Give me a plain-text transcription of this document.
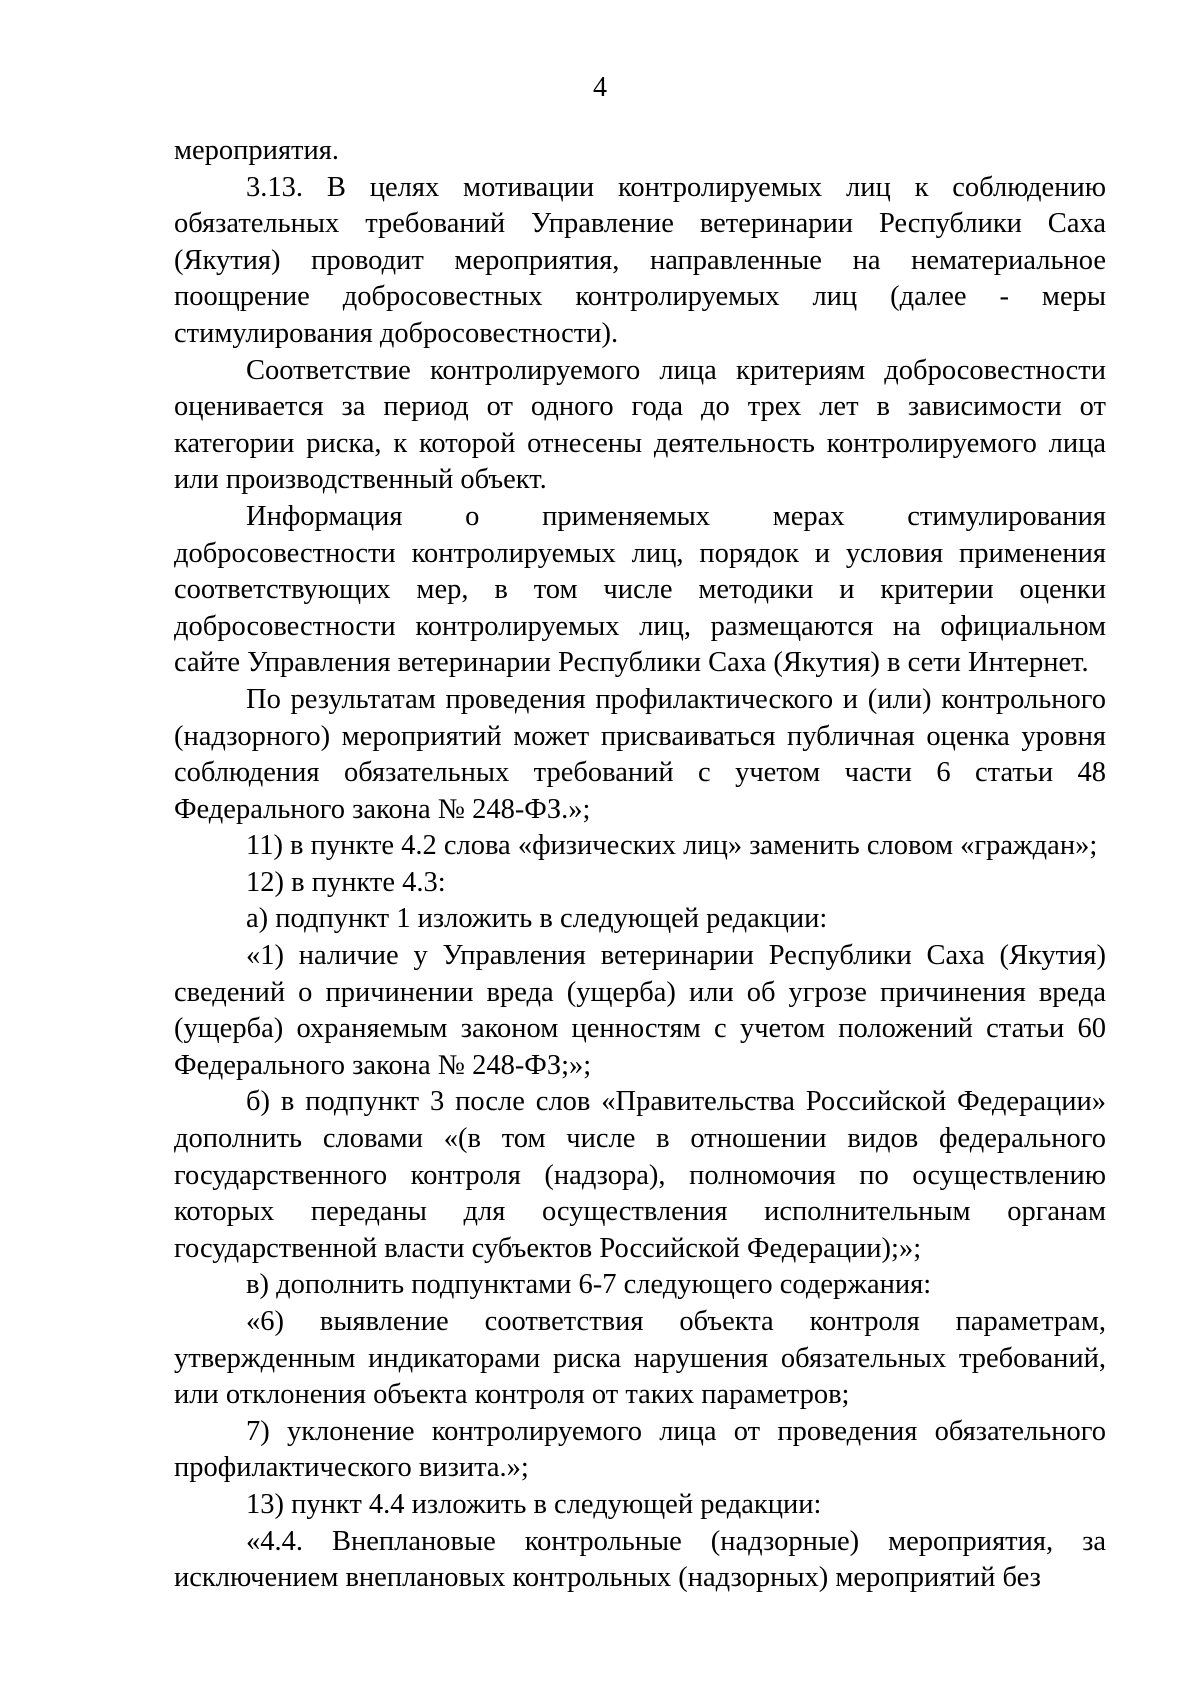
4

мероприятия.

3.13. В целях мотивации контролируемых лиц к соблюдению обязательных требований Управление ветеринарии Республики Саха (Якутия) проводит мероприятия, направленные на нематериальное поощрение добросовестных контролируемых лиц (далее - меры стимулирования добросовестности).

Соответствие контролируемого лица критериям добросовестности оценивается за период от одного года до трех лет в зависимости от категории риска, к которой отнесены деятельность контролируемого лица или производственный объект.

Информация о применяемых мерах стимулирования добросовестности контролируемых лиц, порядок и условия применения соответствующих мер, в том числе методики и критерии оценки добросовестности контролируемых лиц, размещаются на официальном сайте Управления ветеринарии Республики Саха (Якутия) в сети Интернет.

По результатам проведения профилактического и (или) контрольного (надзорного) мероприятий может присваиваться публичная оценка уровня соблюдения обязательных требований с учетом части 6 статьи 48 Федерального закона № 248-ФЗ.»;

11) в пункте 4.2 слова «физических лиц» заменить словом «граждан»;

12) в пункте 4.3:

а) подпункт 1 изложить в следующей редакции:

«1) наличие у Управления ветеринарии Республики Саха (Якутия) сведений о причинении вреда (ущерба) или об угрозе причинения вреда (ущерба) охраняемым законом ценностям с учетом положений статьи 60 Федерального закона № 248-ФЗ;»;

б) в подпункт 3 после слов «Правительства Российской Федерации» дополнить словами «(в том числе в отношении видов федерального государственного контроля (надзора), полномочия по осуществлению которых переданы для осуществления исполнительным органам государственной власти субъектов Российской Федерации);»;

в) дополнить подпунктами 6-7 следующего содержания:

«6) выявление соответствия объекта контроля параметрам, утвержденным индикаторами риска нарушения обязательных требований, или отклонения объекта контроля от таких параметров;

7) уклонение контролируемого лица от проведения обязательного профилактического визита.»;

13) пункт 4.4 изложить в следующей редакции:

«4.4. Внеплановые контрольные (надзорные) мероприятия, за исключением внеплановых контрольных (надзорных) мероприятий без
